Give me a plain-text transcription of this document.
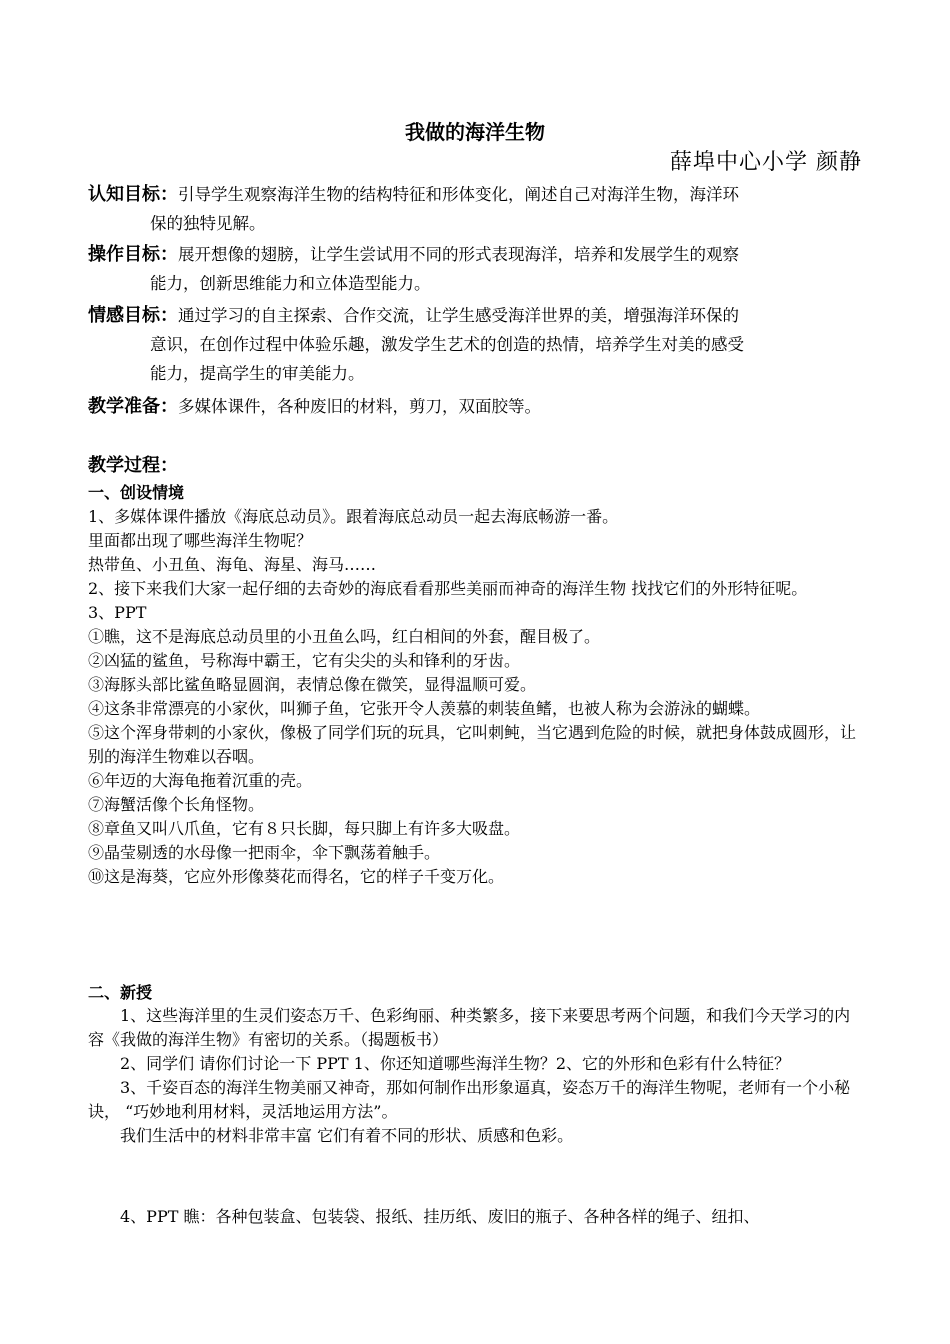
我做的海洋生物
薛埠中心小学 颜静
认知目标：引导学生观察海洋生物的结构特征和形体变化，阐述自己对海洋生物，海洋环
保的独特见解。
操作目标：展开想像的翅膀，让学生尝试用不同的形式表现海洋，培养和发展学生的观察
能力，创新思维能力和立体造型能力。
情感目标：通过学习的自主探索、合作交流，让学生感受海洋世界的美，增强海洋环保的
意识，在创作过程中体验乐趣，激发学生艺术的创造的热情，培养学生对美的感受
能力，提高学生的审美能力。
教学准备：多媒体课件，各种废旧的材料，剪刀，双面胶等。
教学过程：
一、创设情境

1、多媒体课件播放《海底总动员》。跟着海底总动员一起去海底畅游一番。

里面都出现了哪些海洋生物呢？

热带鱼、小丑鱼、海龟、海星、海马……

2、接下来我们大家一起仔细的去奇妙的海底看看那些美丽而神奇的海洋生物 找找它们的外形特征呢。

3、PPT

①瞧，这不是海底总动员里的小丑鱼么吗，红白相间的外套，醒目极了。

②凶猛的鲨鱼，号称海中霸王，它有尖尖的头和锋利的牙齿。

③海豚头部比鲨鱼略显圆润，表情总像在微笑，显得温顺可爱。

④这条非常漂亮的小家伙，叫狮子鱼，它张开令人羡慕的刺装鱼鳍，也被人称为会游泳的蝴蝶。

⑤这个浑身带刺的小家伙，像极了同学们玩的玩具，它叫刺鲀，当它遇到危险的时候，就把身体鼓成圆形，让别的海洋生物难以吞咽。

⑥年迈的大海龟拖着沉重的壳。

⑦海蟹活像个长角怪物。

⑧章鱼又叫八爪鱼，它有８只长脚，每只脚上有许多大吸盘。

⑨晶莹剔透的水母像一把雨伞，伞下飘荡着触手。

⑩这是海葵，它应外形像葵花而得名，它的样子千变万化。

二、新授

1、这些海洋里的生灵们姿态万千、色彩绚丽、种类繁多，接下来要思考两个问题，和我们今天学习的内容《我做的海洋生物》有密切的关系。（揭题板书）

2、同学们 请你们讨论一下 PPT 1、你还知道哪些海洋生物？2、它的外形和色彩有什么特征？

3、千姿百态的海洋生物美丽又神奇，那如何制作出形象逼真，姿态万千的海洋生物呢，老师有一个小秘诀， “巧妙地利用材料，灵活地运用方法”。

我们生活中的材料非常丰富 它们有着不同的形状、质感和色彩。

4、PPT 瞧：各种包装盒、包装袋、报纸、挂历纸、废旧的瓶子、各种各样的绳子、纽扣、
